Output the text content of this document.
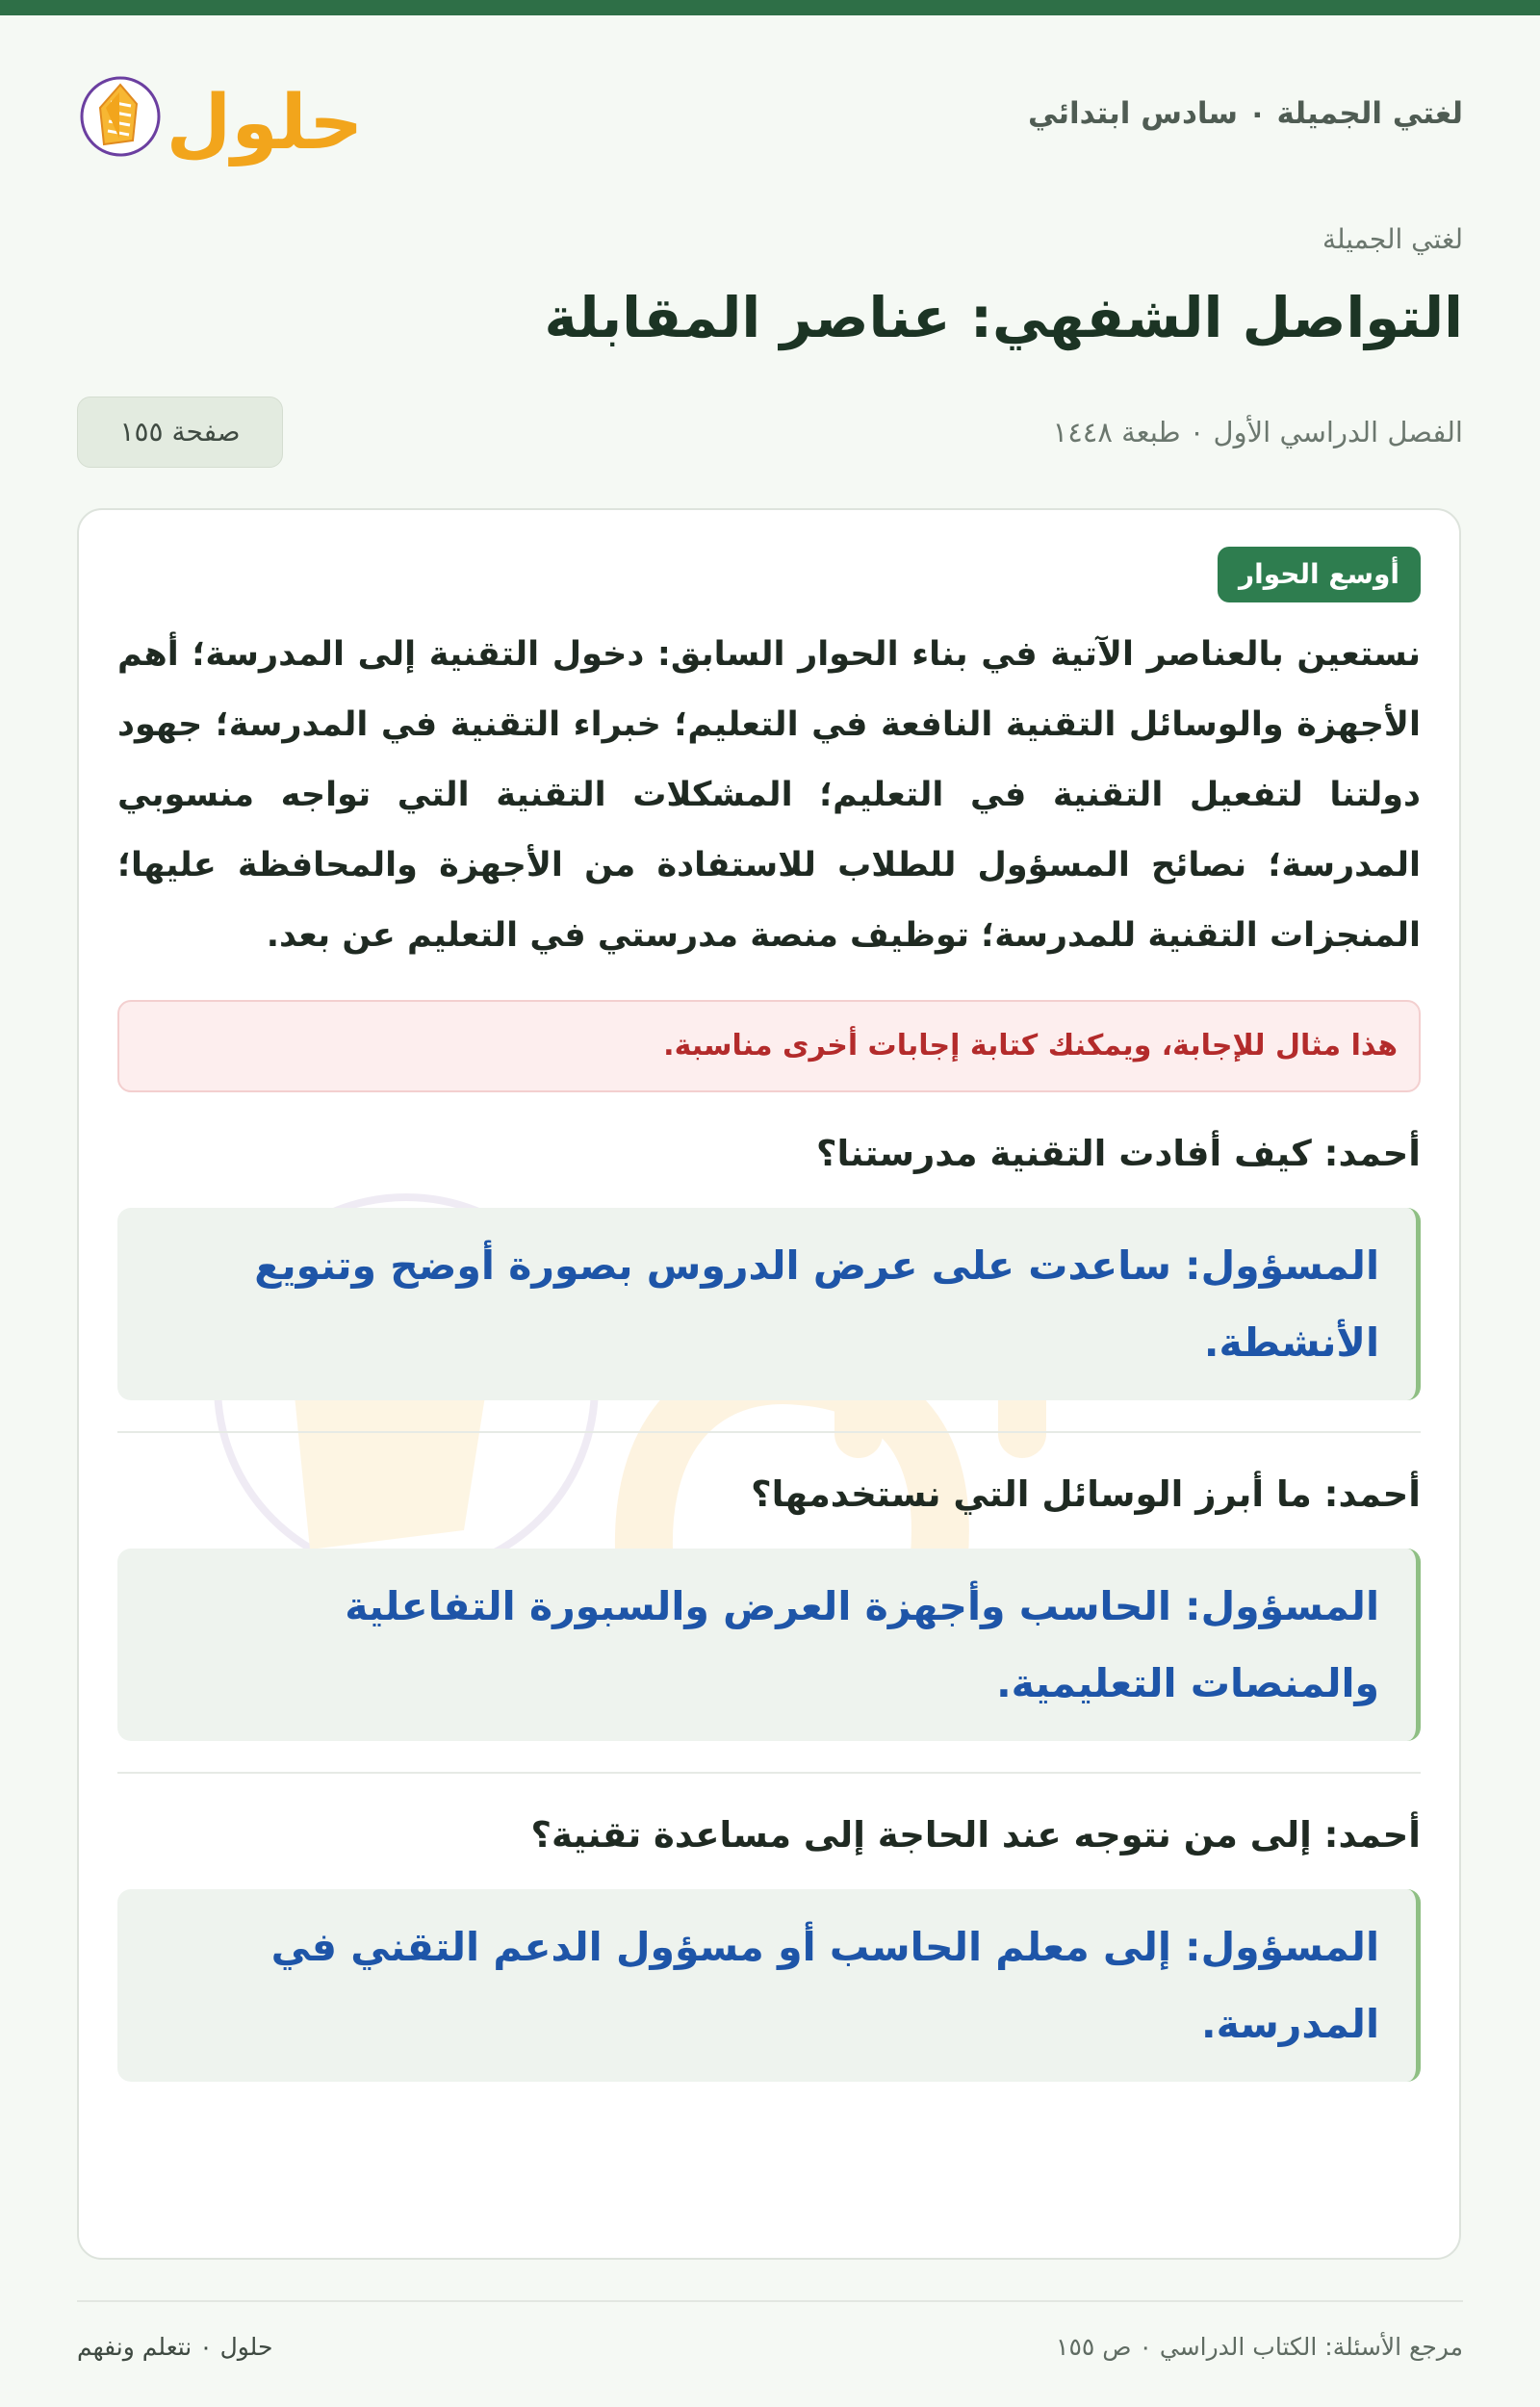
لغتي الجميلة ٠ سادس ابتدائي
حلول
لغتي الجميلة
التواصل الشفهي: عناصر المقابلة
الفصل الدراسي الأول ٠ طبعة ١٤٤٨
صفحة ١٥٥
أوسع الحوار

نستعين بالعناصر الآتية في بناء الحوار السابق: دخول التقنية إلى المدرسة؛ أهم الأجهزة والوسائل التقنية النافعة في التعليم؛ خبراء التقنية في المدرسة؛ جهود دولتنا لتفعيل التقنية في التعليم؛ المشكلات التقنية التي تواجه منسوبي المدرسة؛ نصائح المسؤول للطلاب للاستفادة من الأجهزة والمحافظة عليها؛ المنجزات التقنية للمدرسة؛ توظيف منصة مدرستي في التعليم عن بعد.

هذا مثال للإجابة، ويمكنك كتابة إجابات أخرى مناسبة.
أحمد: كيف أفادت التقنية مدرستنا؟
المسؤول: ساعدت على عرض الدروس بصورة أوضح وتنويع الأنشطة.
أحمد: ما أبرز الوسائل التي نستخدمها؟
المسؤول: الحاسب وأجهزة العرض والسبورة التفاعلية والمنصات التعليمية.
أحمد: إلى من نتوجه عند الحاجة إلى مساعدة تقنية؟
المسؤول: إلى معلم الحاسب أو مسؤول الدعم التقني في المدرسة.
مرجع الأسئلة: الكتاب الدراسي ٠ ص ١٥٥
حلول ٠ نتعلم ونفهم
